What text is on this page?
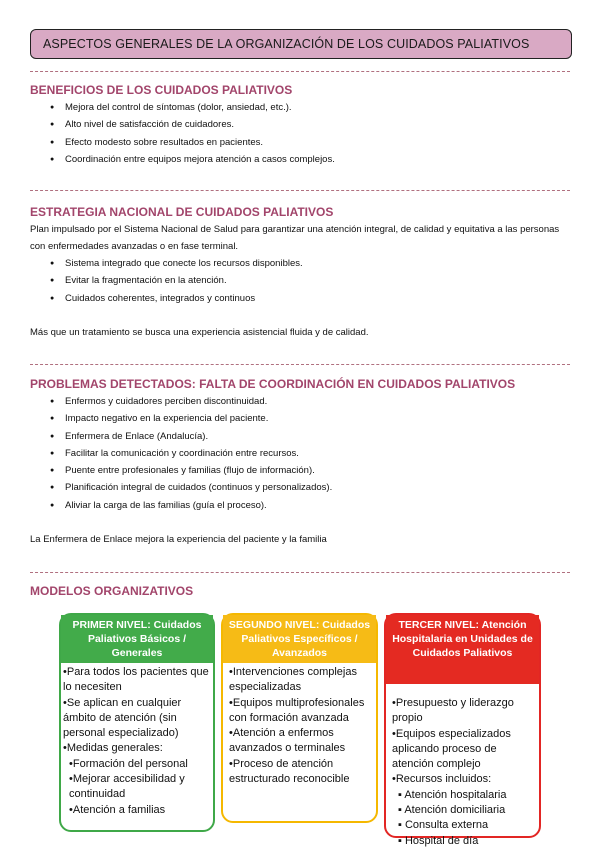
ASPECTOS GENERALES DE LA ORGANIZACIÓN DE LOS CUIDADOS PALIATIVOS
BENEFICIOS DE LOS CUIDADOS PALIATIVOS
● Mejora del control de síntomas (dolor, ansiedad, etc.).
● Alto nivel de satisfacción de cuidadores.
● Efecto modesto sobre resultados en pacientes.
● Coordinación entre equipos mejora atención a casos complejos.
ESTRATEGIA NACIONAL DE CUIDADOS PALIATIVOS
Plan impulsado por el Sistema Nacional de Salud para garantizar una atención integral, de calidad y equitativa a las personas con enfermedades avanzadas o en fase terminal.
● Sistema integrado que conecte los recursos disponibles.
● Evitar la fragmentación en la atención.
● Cuidados coherentes, integrados y continuos
Más que un tratamiento se busca una experiencia asistencial fluida y de calidad.
PROBLEMAS DETECTADOS: FALTA DE COORDINACIÓN EN CUIDADOS PALIATIVOS
● Enfermos y cuidadores perciben discontinuidad.
● Impacto negativo en la experiencia del paciente.
● Enfermera de Enlace (Andalucía).
● Facilitar la comunicación y coordinación entre recursos.
● Puente entre profesionales y familias (flujo de información).
● Planificación integral de cuidados (continuos y personalizados).
● Aliviar la carga de las familias (guía el proceso).
La Enfermera de Enlace mejora la experiencia del paciente y la familia
MODELOS ORGANIZATIVOS
PRIMER NIVEL: Cuidados Paliativos Básicos / Generales
•Para todos los pacientes que lo necesiten
•Se aplican en cualquier ámbito de atención (sin personal especializado)
•Medidas generales:
•Formación del personal
•Mejorar accesibilidad y continuidad
•Atención a familias
SEGUNDO NIVEL: Cuidados Paliativos Específicos / Avanzados
•Intervenciones complejas especializadas
•Equipos multiprofesionales con formación avanzada
•Atención a enfermos avanzados o terminales
•Proceso de atención estructurado reconocible
TERCER NIVEL: Atención Hospitalaria en Unidades de Cuidados Paliativos
•Presupuesto y liderazgo propio
•Equipos especializados aplicando proceso de atención complejo
•Recursos incluidos:
▪ Atención hospitalaria
▪ Atención domiciliaria
▪ Consulta externa
▪ Hospital de día
